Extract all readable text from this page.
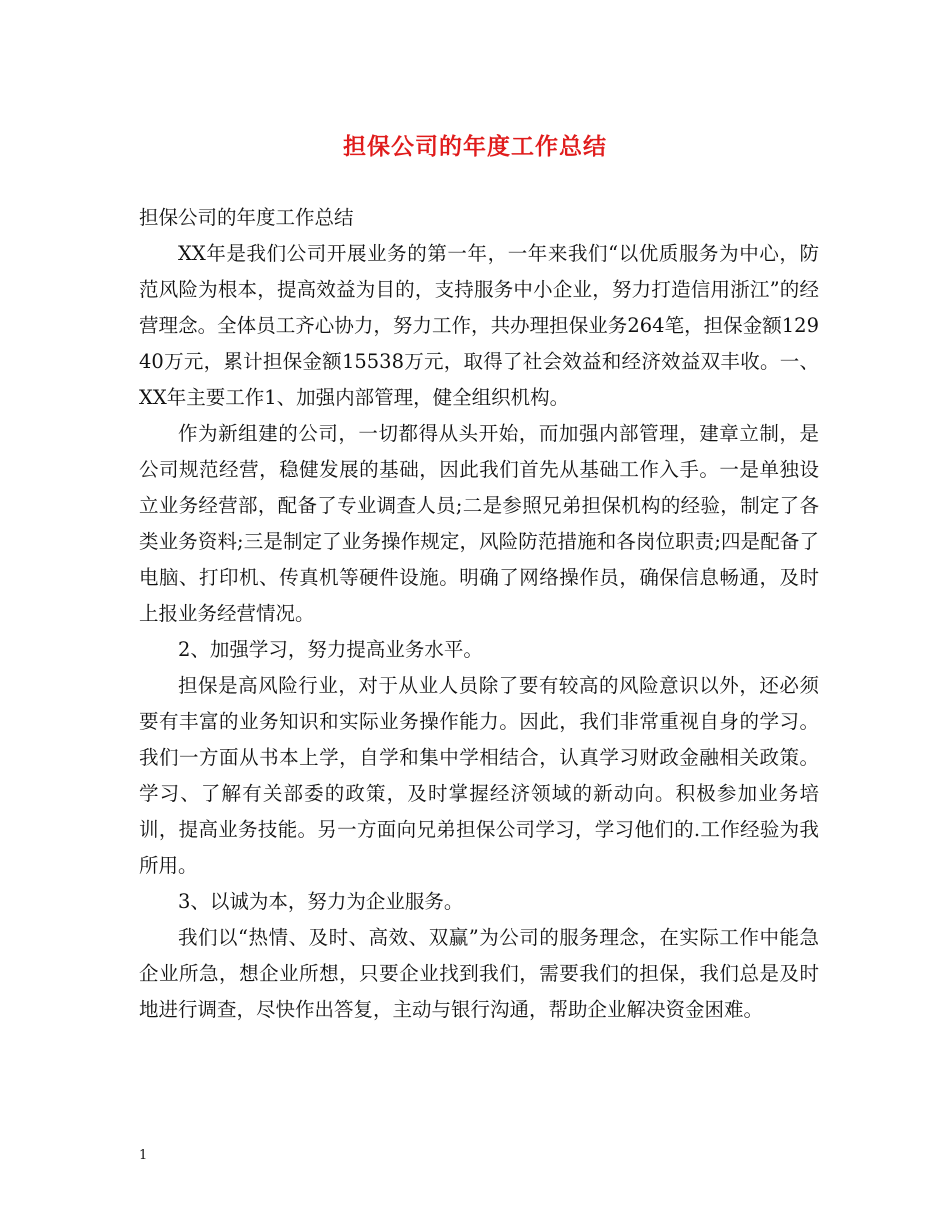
担保公司的年度工作总结

担保公司的年度工作总结

XX年是我们公司开展业务的第一年，一年来我们“以优质服务为中心，防范风险为根本，提高效益为目的，支持服务中小企业，努力打造信用浙江”的经营理念。全体员工齐心协力，努力工作，共办理担保业务264笔，担保金额12940万元，累计担保金额15538万元，取得了社会效益和经济效益双丰收。一、 XX年主要工作1、加强内部管理，健全组织机构。

作为新组建的公司，一切都得从头开始，而加强内部管理，建章立制，是公司规范经营，稳健发展的基础，因此我们首先从基础工作入手。一是单独设立业务经营部，配备了专业调查人员;二是参照兄弟担保机构的经验，制定了各类业务资料;三是制定了业务操作规定，风险防范措施和各岗位职责;四是配备了电脑、打印机、传真机等硬件设施。明确了网络操作员，确保信息畅通，及时上报业务经营情况。

2、加强学习，努力提高业务水平。

担保是高风险行业，对于从业人员除了要有较高的风险意识以外，还必须要有丰富的业务知识和实际业务操作能力。因此，我们非常重视自身的学习。我们一方面从书本上学，自学和集中学相结合，认真学习财政金融相关政策。学习、了解有关部委的政策，及时掌握经济领域的新动向。积极参加业务培训，提高业务技能。另一方面向兄弟担保公司学习，学习他们的.工作经验为我所用。

3、以诚为本，努力为企业服务。

我们以“热情、及时、高效、双赢”为公司的服务理念，在实际工作中能急企业所急，想企业所想，只要企业找到我们，需要我们的担保，我们总是及时地进行调查，尽快作出答复，主动与银行沟通，帮助企业解决资金困难。

1
